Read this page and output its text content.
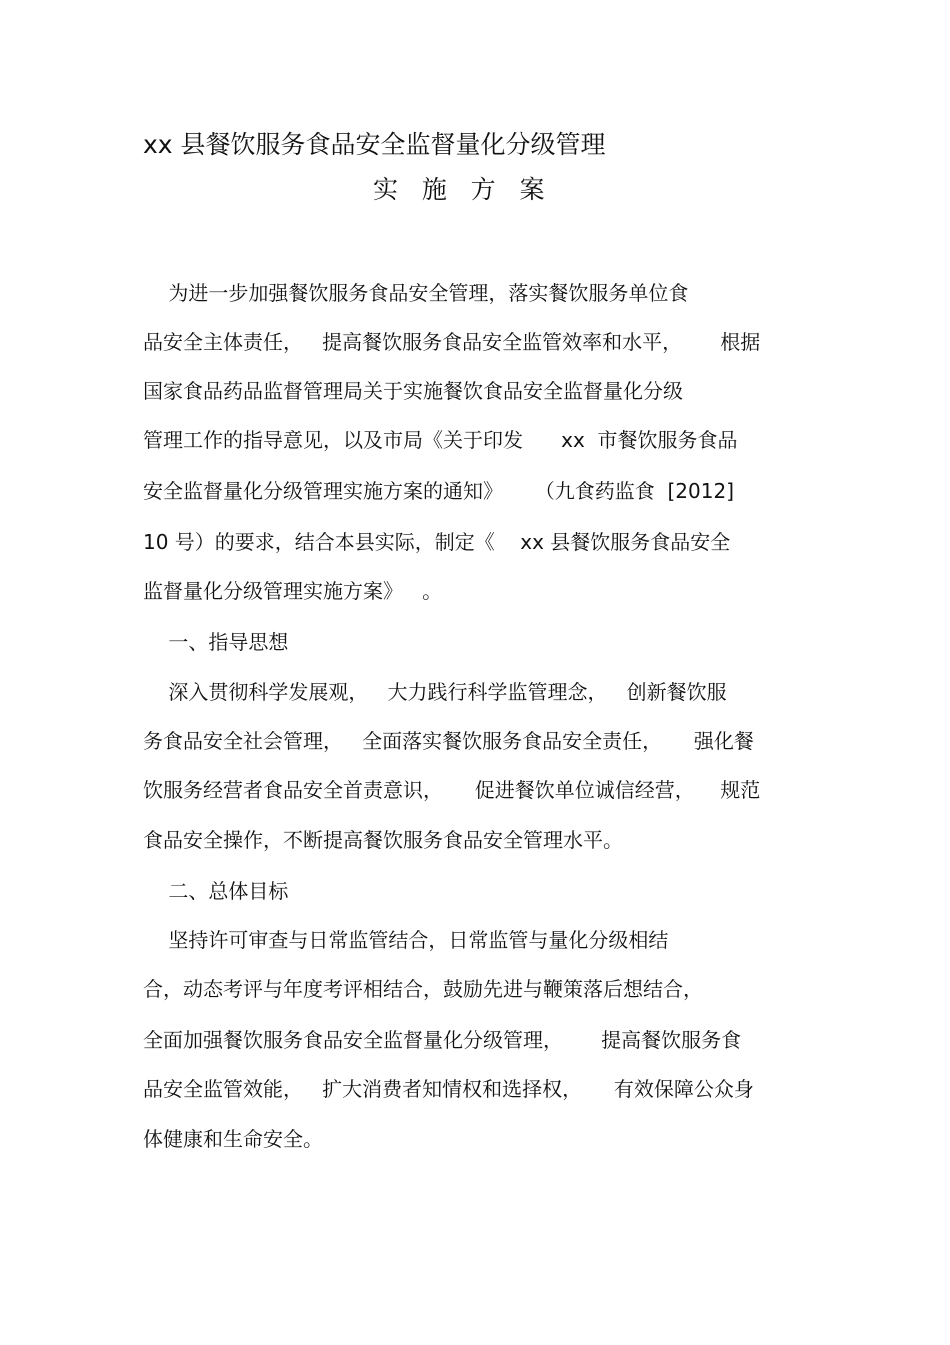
xx 县餐饮服务食品安全监督量化分级管理
实   施   方   案
为进一步加强餐饮服务食品安全管理，落实餐饮服务单位食
品安全主体责任，   提高餐饮服务食品安全监管效率和水平，      根据
国家食品药品监督管理局关于实施餐饮食品安全监督量化分级
管理工作的指导意见，以及市局《关于印发      xx  市餐饮服务食品
安全监督量化分级管理实施方案的通知》     （九食药监食  [2012]
10 号）的要求，结合本县实际，制定《    xx 县餐饮服务食品安全
监督量化分级管理实施方案》   。
一、指导思想
深入贯彻科学发展观，   大力践行科学监管理念，   创新餐饮服
务食品安全社会管理，   全面落实餐饮服务食品安全责任，     强化餐
饮服务经营者食品安全首责意识，     促进餐饮单位诚信经营，    规范
食品安全操作，不断提高餐饮服务食品安全管理水平。
二、总体目标
坚持许可审查与日常监管结合，日常监管与量化分级相结
合，动态考评与年度考评相结合，鼓励先进与鞭策落后想结合，
全面加强餐饮服务食品安全监督量化分级管理，      提高餐饮服务食
品安全监管效能，   扩大消费者知情权和选择权，     有效保障公众身
体健康和生命安全。
